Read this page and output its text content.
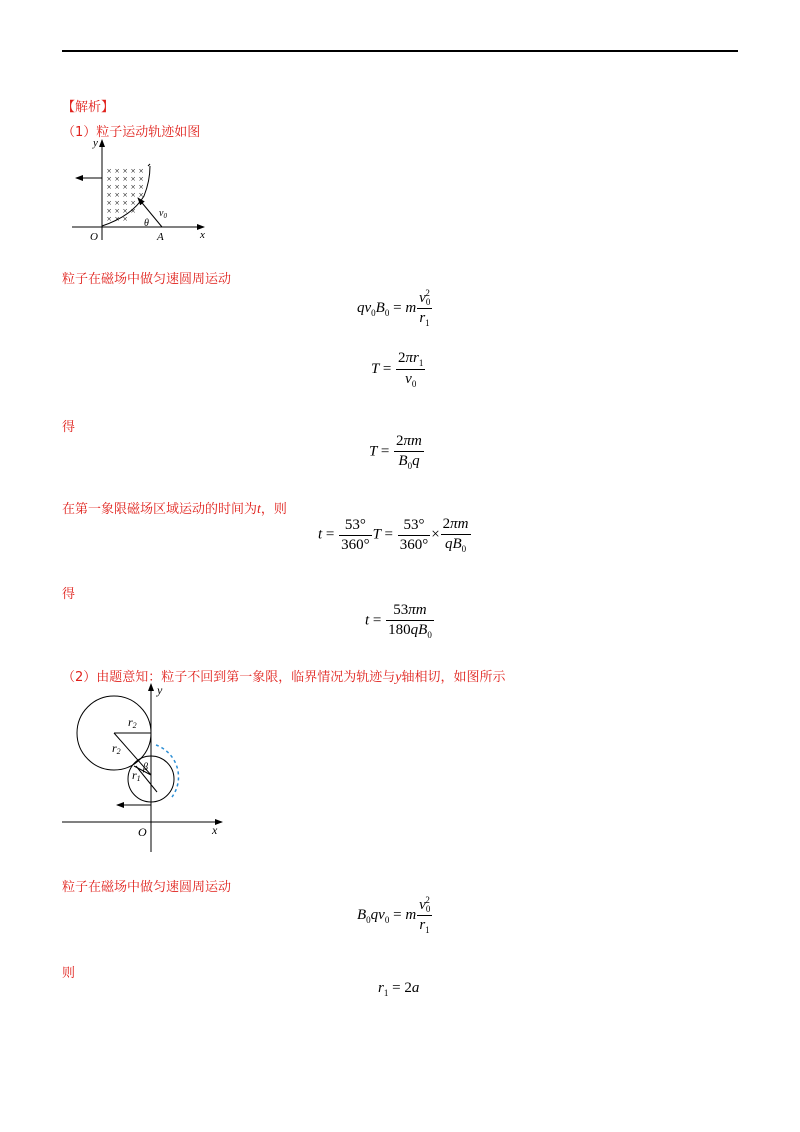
【解析】
（1）粒子运动轨迹如图
y
x
O	A
× × × × ×
× × × × ×
× × × × ×
× × × × ×
× × × ×
× × × ×
× × × θ
$v_0$
粒子在磁场中做匀速圆周运动
$qv_0B_0 = m \frac{v_0^2}{r_1}$
$T = \frac{2\pi r_1}{v_0}$
得
$T = \frac{2\pi m}{B_0q}$
在第一象限磁场区域运动的时间为t，则
$t = \frac{53^\circ}{360^\circ}$ $T = \frac{53^\circ}{360^\circ} \times \frac{2\pi m}{qB_0}$
得
$t = \frac{53\pi m}{180qB_0}$
（2）由题意知：粒子不回到第一象限，临界情况为轨迹与y轴相切，如图所示
y
x
O
r2
r2
r1
β
粒子在磁场中做匀速圆周运动
$B_0qv_0 = m \frac{v_0^2}{r_1}$
则
$r_1 = 2a$
